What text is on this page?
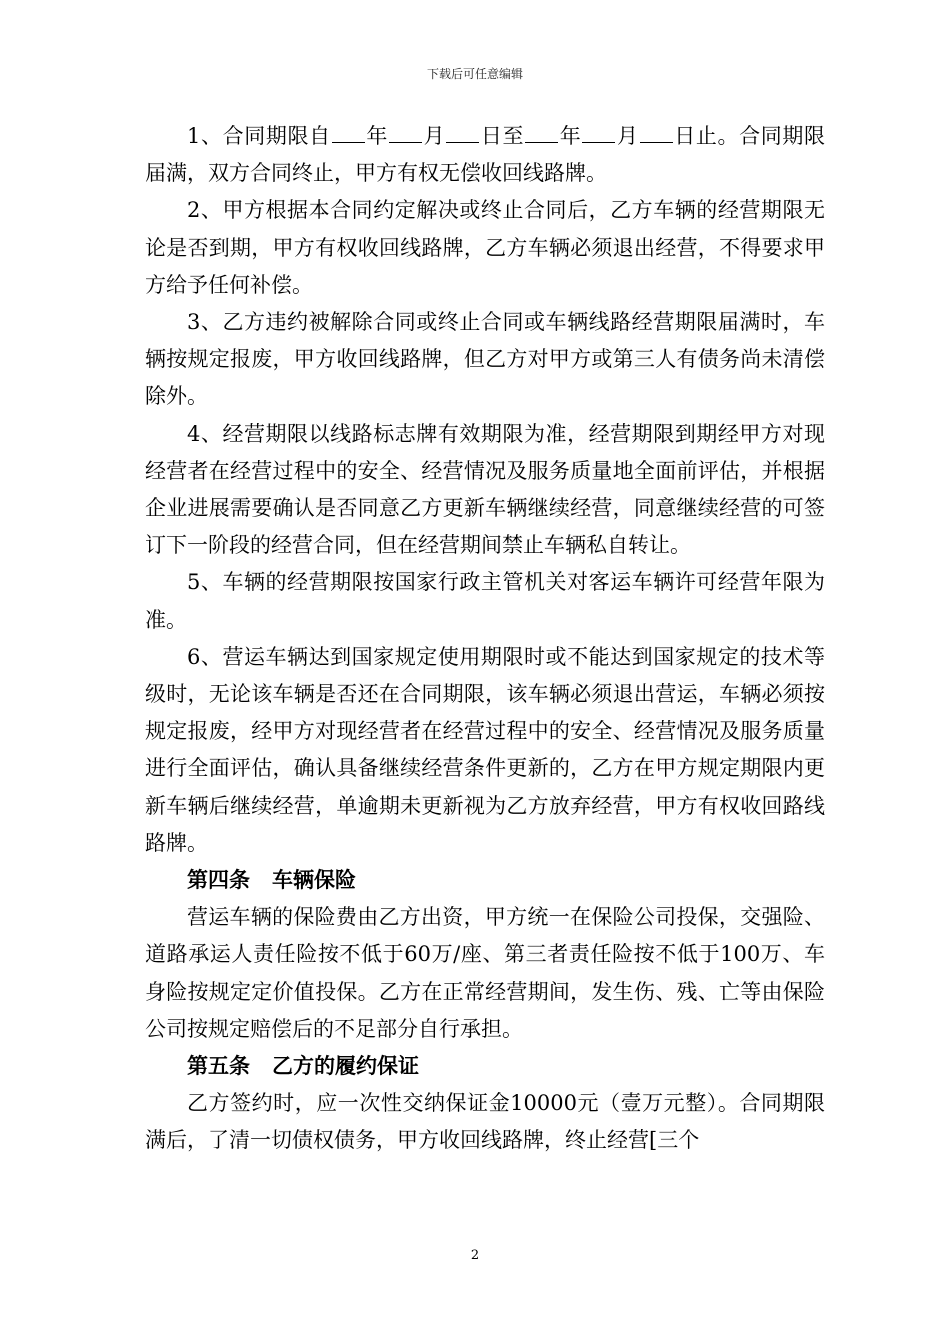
下载后可任意编辑

1、合同期限自 年 月 日至 年 月 日止。合同期限届满，双方合同终止，甲方有权无偿收回线路牌。

2、甲方根据本合同约定解决或终止合同后，乙方车辆的经营期限无论是否到期，甲方有权收回线路牌，乙方车辆必须退出经营，不得要求甲方给予任何补偿。

3、乙方违约被解除合同或终止合同或车辆线路经营期限届满时，车辆按规定报废，甲方收回线路牌，但乙方对甲方或第三人有债务尚未清偿除外。

4、经营期限以线路标志牌有效期限为准，经营期限到期经甲方对现经营者在经营过程中的安全、经营情况及服务质量地全面前评估，并根据企业进展需要确认是否同意乙方更新车辆继续经营，同意继续经营的可签订下一阶段的经营合同，但在经营期间禁止车辆私自转让。

5、车辆的经营期限按国家行政主管机关对客运车辆许可经营年限为准。

6、营运车辆达到国家规定使用期限时或不能达到国家规定的技术等级时，无论该车辆是否还在合同期限，该车辆必须退出营运，车辆必须按规定报废，经甲方对现经营者在经营过程中的安全、经营情况及服务质量进行全面评估，确认具备继续经营条件更新的，乙方在甲方规定期限内更新车辆后继续经营，单逾期未更新视为乙方放弃经营，甲方有权收回路线路牌。

第四条 车辆保险

营运车辆的保险费由乙方出资，甲方统一在保险公司投保，交强险、道路承运人责任险按不低于60万/座、第三者责任险按不低于100万、车身险按规定定价值投保。乙方在正常经营期间，发生伤、残、亡等由保险公司按规定赔偿后的不足部分自行承担。

第五条 乙方的履约保证

乙方签约时，应一次性交纳保证金10000元（壹万元整）。合同期限满后，了清一切债权债务，甲方收回线路牌，终止经营[三个

2
